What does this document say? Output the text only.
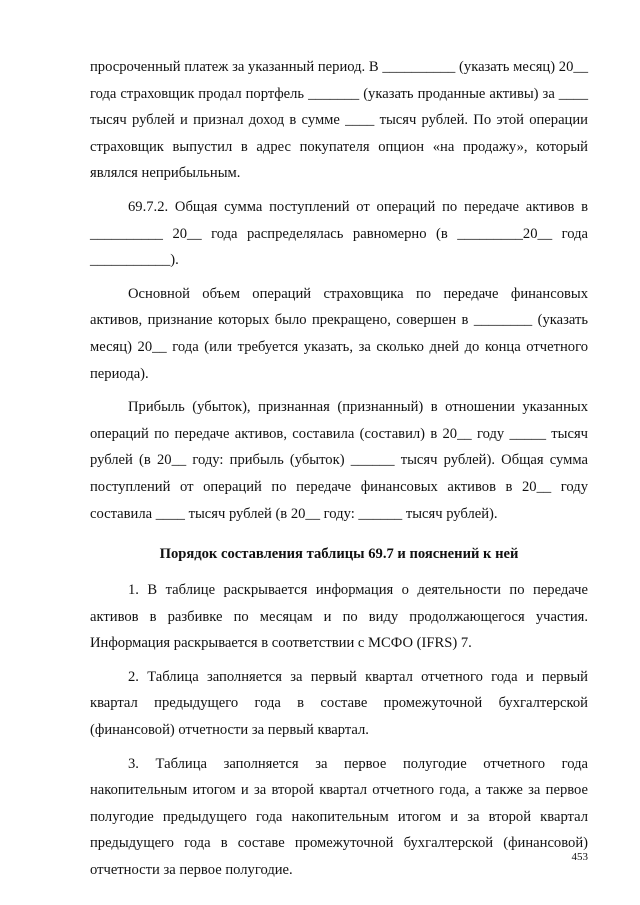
просроченный платеж за указанный период. В __________ (указать месяц) 20__ года страховщик продал портфель _______ (указать проданные активы) за ____ тысяч рублей и признал доход в сумме ____ тысяч рублей. По этой операции страховщик выпустил в адрес покупателя опцион «на продажу», который являлся неприбыльным.

69.7.2. Общая сумма поступлений от операций по передаче активов в __________ 20__ года распределялась равномерно (в _________20__ года ___________).

Основной объем операций страховщика по передаче финансовых активов, признание которых было прекращено, совершен в ________ (указать месяц) 20__ года (или требуется указать, за сколько дней до конца отчетного периода).

Прибыль (убыток), признанная (признанный) в отношении указанных операций по передаче активов, составила (составил) в 20__ году _____ тысяч рублей (в 20__ году: прибыль (убыток) ______ тысяч рублей). Общая сумма поступлений от операций по передаче финансовых активов в 20__ году составила ____ тысяч рублей (в 20__ году: ______ тысяч рублей).

Порядок составления таблицы 69.7 и пояснений к ней

1. В таблице раскрывается информация о деятельности по передаче активов в разбивке по месяцам и по виду продолжающегося участия. Информация раскрывается в соответствии с МСФО (IFRS) 7.

2. Таблица заполняется за первый квартал отчетного года и первый квартал предыдущего года в составе промежуточной бухгалтерской (финансовой) отчетности за первый квартал.

3. Таблица заполняется за первое полугодие отчетного года накопительным итогом и за второй квартал отчетного года, а также за первое полугодие предыдущего года накопительным итогом и за второй квартал предыдущего года в составе промежуточной бухгалтерской (финансовой) отчетности за первое полугодие.

453
